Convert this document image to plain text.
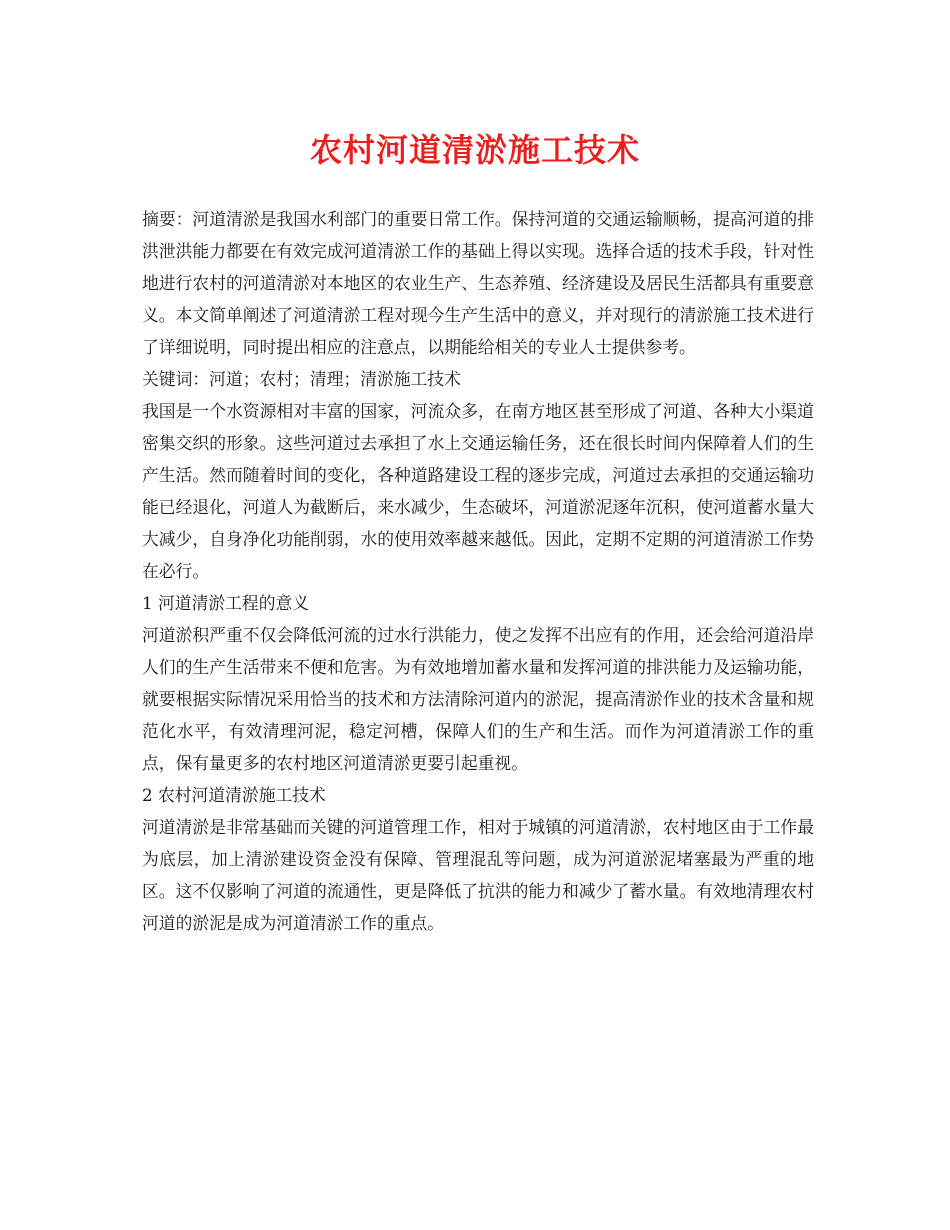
农村河道清淤施工技术

摘要：河道清淤是我国水利部门的重要日常工作。保持河道的交通运输顺畅，提高河道的排洪泄洪能力都要在有效完成河道清淤工作的基础上得以实现。选择合适的技术手段，针对性地进行农村的河道清淤对本地区的农业生产、生态养殖、经济建设及居民生活都具有重要意义。本文简单阐述了河道清淤工程对现今生产生活中的意义，并对现行的清淤施工技术进行了详细说明，同时提出相应的注意点，以期能给相关的专业人士提供参考。

关键词：河道；农村；清理；清淤施工技术

我国是一个水资源相对丰富的国家，河流众多，在南方地区甚至形成了河道、各种大小渠道密集交织的形象。这些河道过去承担了水上交通运输任务，还在很长时间内保障着人们的生产生活。然而随着时间的变化，各种道路建设工程的逐步完成，河道过去承担的交通运输功能已经退化，河道人为截断后，来水减少，生态破坏，河道淤泥逐年沉积，使河道蓄水量大大减少，自身净化功能削弱，水的使用效率越来越低。因此，定期不定期的河道清淤工作势在必行。

1 河道清淤工程的意义

河道淤积严重不仅会降低河流的过水行洪能力，使之发挥不出应有的作用，还会给河道沿岸人们的生产生活带来不便和危害。为有效地增加蓄水量和发挥河道的排洪能力及运输功能，就要根据实际情况采用恰当的技术和方法清除河道内的淤泥，提高清淤作业的技术含量和规范化水平，有效清理河泥，稳定河槽，保障人们的生产和生活。而作为河道清淤工作的重点，保有量更多的农村地区河道清淤更要引起重视。

2 农村河道清淤施工技术

河道清淤是非常基础而关键的河道管理工作，相对于城镇的河道清淤，农村地区由于工作最为底层，加上清淤建设资金没有保障、管理混乱等问题，成为河道淤泥堵塞最为严重的地区。这不仅影响了河道的流通性，更是降低了抗洪的能力和减少了蓄水量。有效地清理农村河道的淤泥是成为河道清淤工作的重点。
